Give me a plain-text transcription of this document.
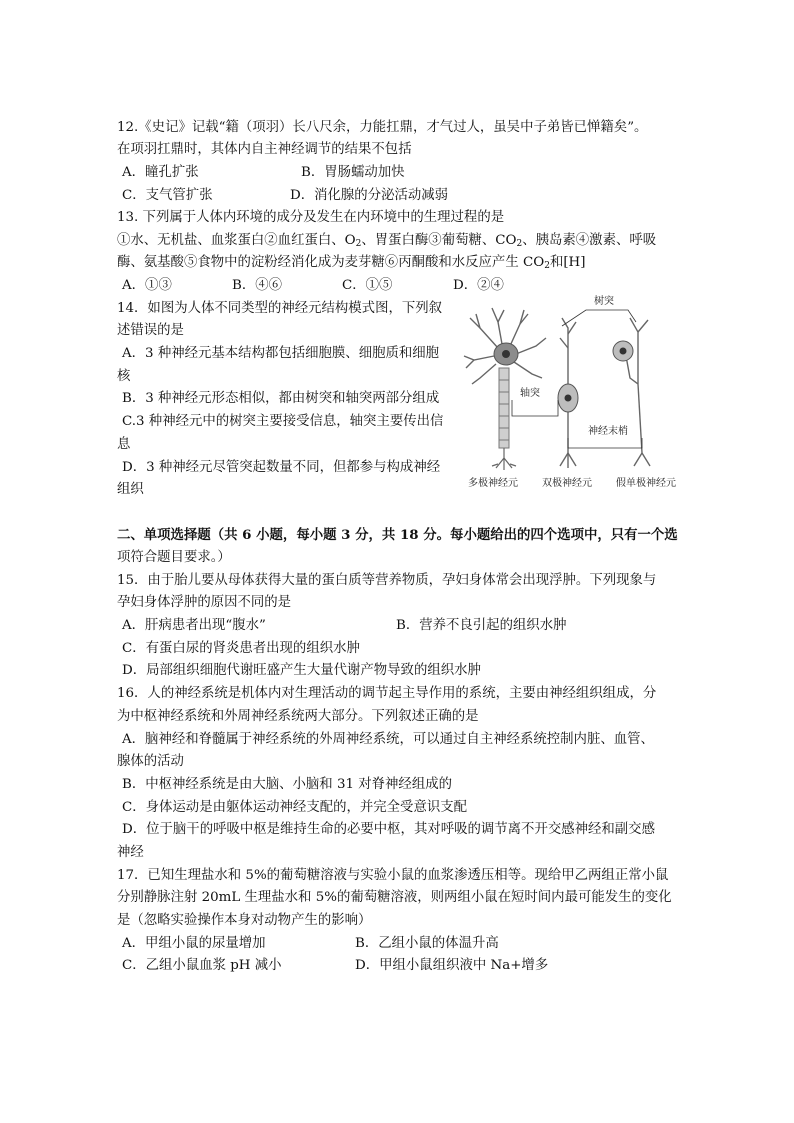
12.《史记》记载“籍（项羽）长八尺余，力能扛鼎，才气过人，虽吴中子弟皆已惮籍矣”。
在项羽扛鼎时，其体内自主神经调节的结果不包括
A．瞳孔扩张	B．胃肠蠕动加快
C．支气管扩张	D．消化腺的分泌活动减弱
13. 下列属于人体内环境的成分及发生在内环境中的生理过程的是
①水、无机盐、血浆蛋白②血红蛋白、$O_2$、胃蛋白酶③葡萄糖、$CO_2$、胰岛素④激素、呼吸
酶、氨基酸⑤食物中的淀粉经消化成为麦芽糖⑥丙酮酸和水反应产生 $CO_2$和[H]
A．①③	B．④⑥	C．①⑤	D．②④
14．如图为人体不同类型的神经元结构模式图，下列叙
述错误的是
A．3 种神经元基本结构都包括细胞膜、细胞质和细胞
核
B．3 种神经元形态相似，都由树突和轴突两部分组成
C.3 种神经元中的树突主要接受信息，轴突主要传出信
息
D．3 种神经元尽管突起数量不同，但都参与构成神经
组织
树突
轴突
神经末梢
多极神经元 双极神经元 假单极神经元
二、单项选择题（共 6 小题，每小题 3 分，共 18 分。每小题给出的四个选项中，只有一个选
项符合题目要求。）
15．由于胎儿要从母体获得大量的蛋白质等营养物质，孕妇身体常会出现浮肿。下列现象与
孕妇身体浮肿的原因不同的是
A．肝病患者出现“腹水”	B．营养不良引起的组织水肿
C．有蛋白尿的肾炎患者出现的组织水肿
D．局部组织细胞代谢旺盛产生大量代谢产物导致的组织水肿
16．人的神经系统是机体内对生理活动的调节起主导作用的系统，主要由神经组织组成，分
为中枢神经系统和外周神经系统两大部分。下列叙述正确的是
A．脑神经和脊髓属于神经系统的外周神经系统，可以通过自主神经系统控制内脏、血管、
腺体的活动
B．中枢神经系统是由大脑、小脑和 31 对脊神经组成的
C．身体运动是由躯体运动神经支配的，并完全受意识支配
D．位于脑干的呼吸中枢是维持生命的必要中枢，其对呼吸的调节离不开交感神经和副交感
神经
17．已知生理盐水和 5%的葡萄糖溶液与实验小鼠的血浆渗透压相等。现给甲乙两组正常小鼠
分别静脉注射 20mL 生理盐水和 5%的葡萄糖溶液，则两组小鼠在短时间内最可能发生的变化
是（忽略实验操作本身对动物产生的影响）
A．甲组小鼠的尿量增加	B．乙组小鼠的体温升高
C．乙组小鼠血浆 pH 减小	D．甲组小鼠组织液中 Na+增多
